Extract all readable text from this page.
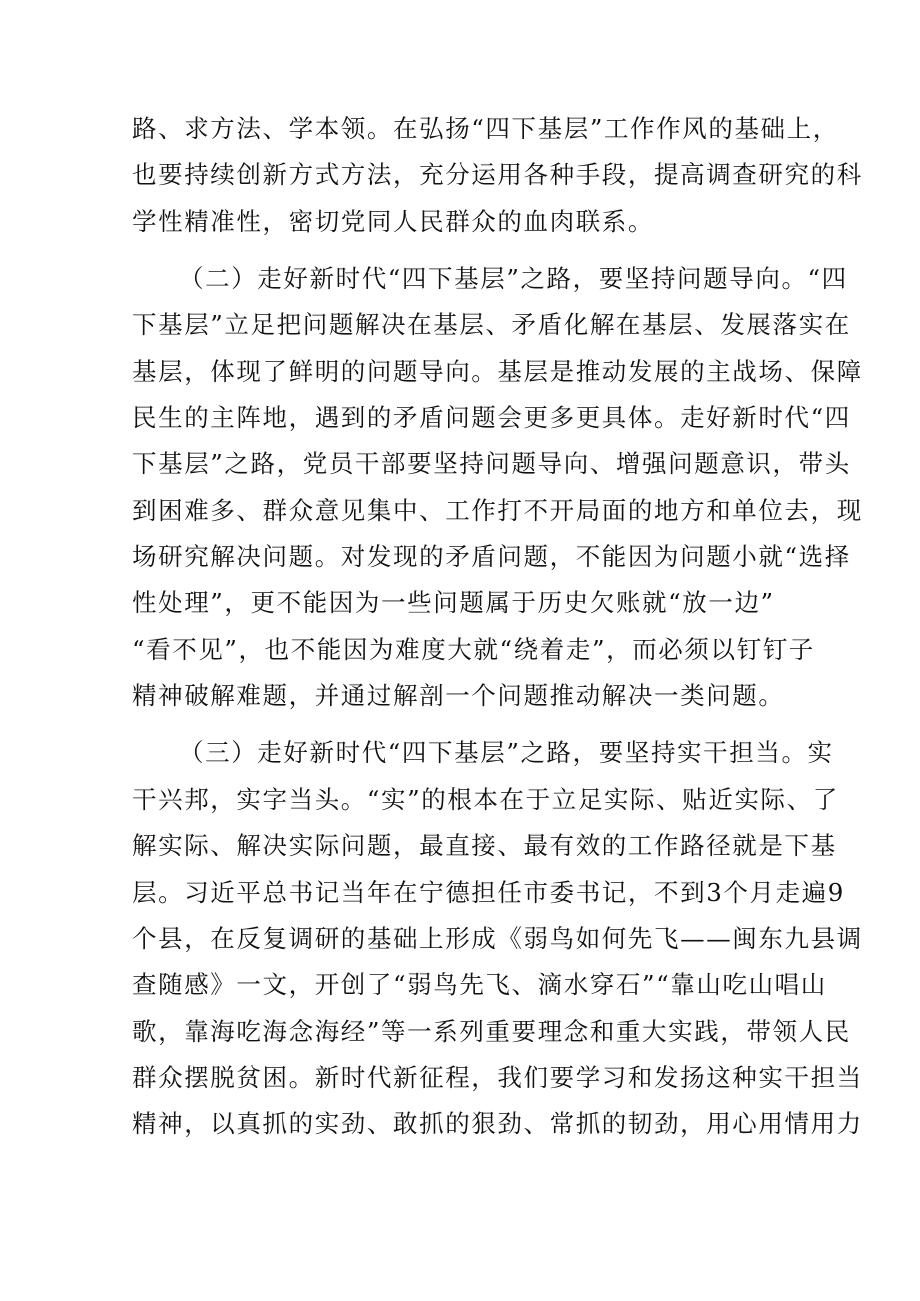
路、求方法、学本领。在弘扬“四下基层”工作作风的基础上，
也要持续创新方式方法，充分运用各种手段，提高调查研究的科
学性精准性，密切党同人民群众的血肉联系。
（二）走好新时代“四下基层”之路，要坚持问题导向。“四
下基层”立足把问题解决在基层、矛盾化解在基层、发展落实在
基层，体现了鲜明的问题导向。基层是推动发展的主战场、保障
民生的主阵地，遇到的矛盾问题会更多更具体。走好新时代“四
下基层”之路，党员干部要坚持问题导向、增强问题意识，带头
到困难多、群众意见集中、工作打不开局面的地方和单位去，现
场研究解决问题。对发现的矛盾问题，不能因为问题小就“选择
性处理”，更不能因为一些问题属于历史欠账就“放一边”
“看不见”，也不能因为难度大就“绕着走”，而必须以钉钉子
精神破解难题，并通过解剖一个问题推动解决一类问题。
（三）走好新时代“四下基层”之路，要坚持实干担当。实
干兴邦，实字当头。“实”的根本在于立足实际、贴近实际、了
解实际、解决实际问题，最直接、最有效的工作路径就是下基
层。习近平总书记当年在宁德担任市委书记，不到3个月走遍9
个县，在反复调研的基础上形成《弱鸟如何先飞——闽东九县调
查随感》一文，开创了“弱鸟先飞、滴水穿石”“靠山吃山唱山
歌，靠海吃海念海经”等一系列重要理念和重大实践，带领人民
群众摆脱贫困。新时代新征程，我们要学习和发扬这种实干担当
精神，以真抓的实劲、敢抓的狠劲、常抓的韧劲，用心用情用力
